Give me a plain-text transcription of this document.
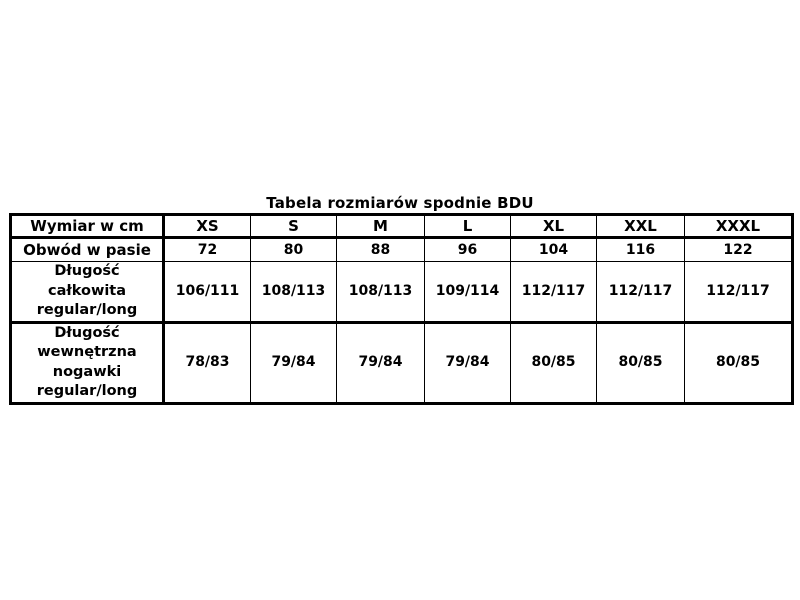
Tabela rozmiarów spodnie BDU
Wymiar w cm	XS	S	M	L	XL	XXL	XXXL

Obwód w pasie	72	80	88	96	104	116	122

Długość
całkowita
regular/long	106/111	108/113	108/113	109/114	112/117	112/117	112/117

Długość
wewnętrzna
nogawki
regular/long	78/83	79/84	79/84	79/84	80/85	80/85	80/85
